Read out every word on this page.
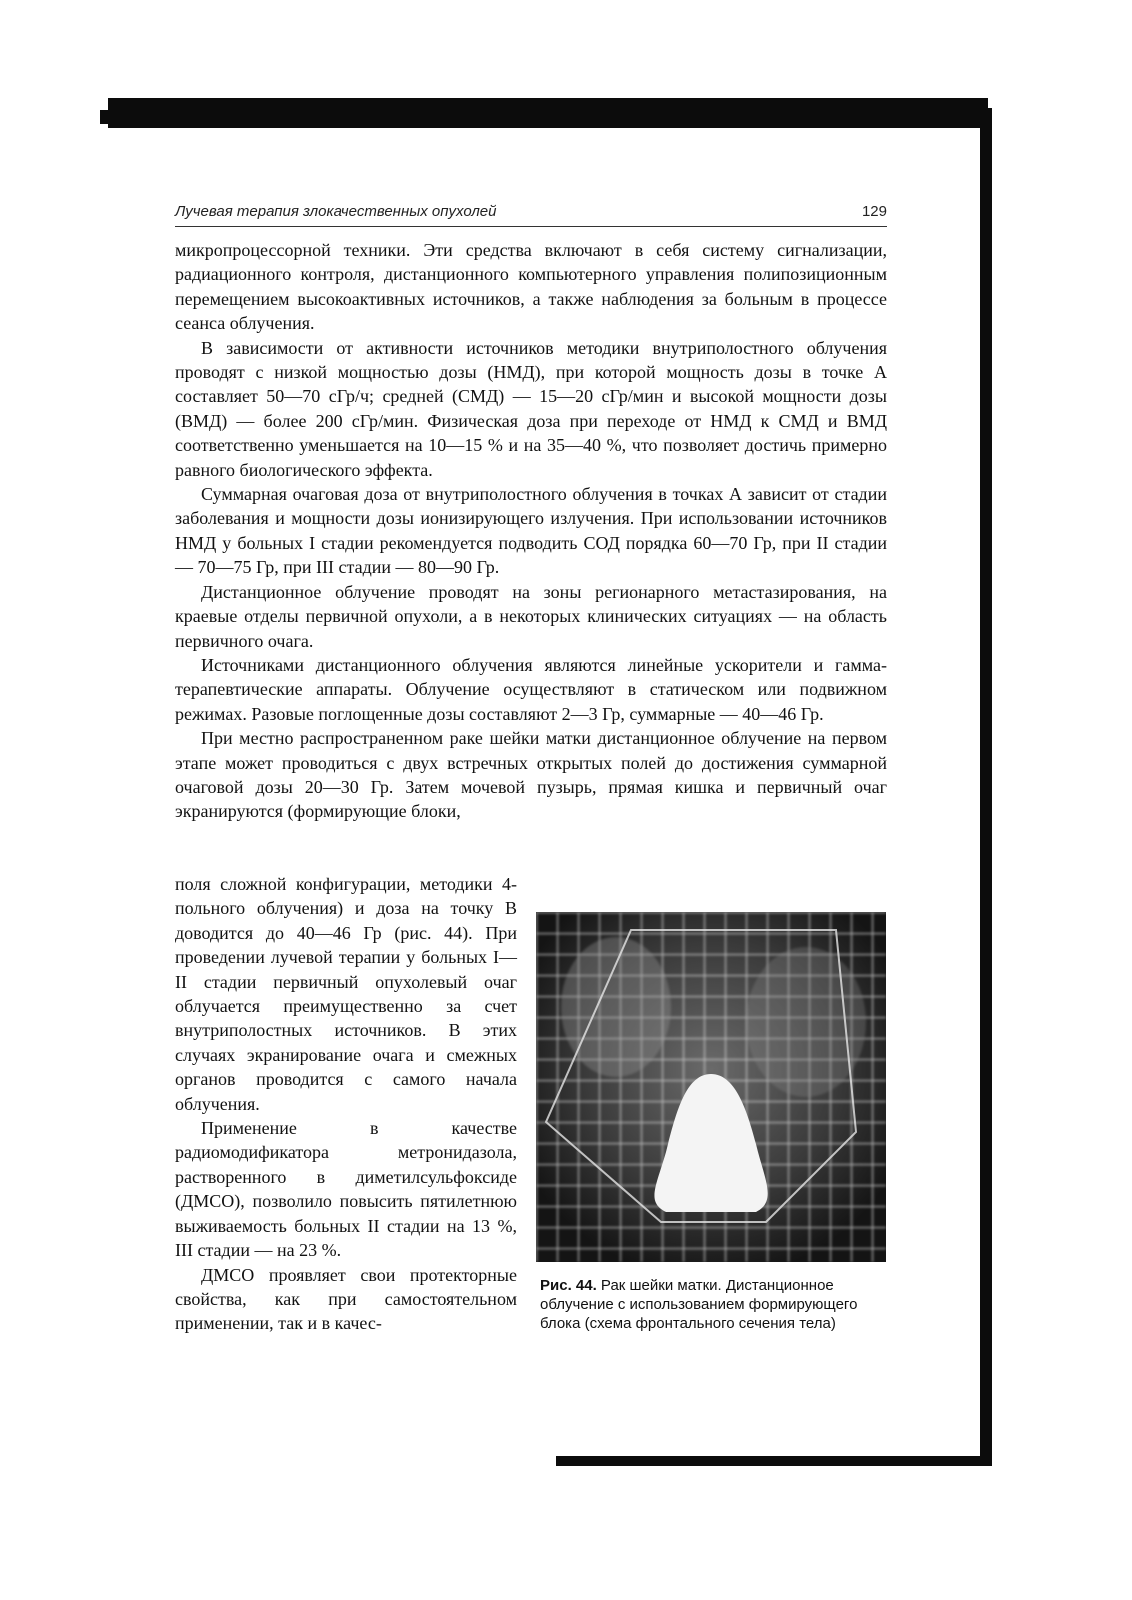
Лучевая терапия злокачественных опухолей	129

микропроцессорной техники. Эти средства включают в себя систему сигнализации, радиационного контроля, дистанционного компьютерного управления полипозиционным перемещением высокоактивных источников, а также наблюдения за больным в процессе сеанса облучения.

В зависимости от активности источников методики внутриполостного облучения проводят с низкой мощностью дозы (НМД), при которой мощность дозы в точке А составляет 50—70 сГр/ч; средней (СМД) — 15—20 сГр/мин и высокой мощности дозы (ВМД) — более 200 сГр/мин. Физическая доза при переходе от НМД к СМД и ВМД соответственно уменьшается на 10—15 % и на 35—40 %, что позволяет достичь примерно равного биологического эффекта.

Суммарная очаговая доза от внутриполостного облучения в точках А зависит от стадии заболевания и мощности дозы ионизирующего излучения. При использовании источников НМД у больных I стадии рекомендуется подводить СОД порядка 60—70 Гр, при II стадии — 70—75 Гр, при III стадии — 80—90 Гр.

Дистанционное облучение проводят на зоны регионарного метастазирования, на краевые отделы первичной опухоли, а в некоторых клинических ситуациях — на область первичного очага.

Источниками дистанционного облучения являются линейные ускорители и гамма-терапевтические аппараты. Облучение осуществляют в статическом или подвижном режимах. Разовые поглощенные дозы составляют 2—3 Гр, суммарные — 40—46 Гр.

При местно распространенном раке шейки матки дистанционное облучение на первом этапе может проводиться с двух встречных открытых полей до достижения суммарной очаговой дозы 20—30 Гр. Затем мочевой пузырь, прямая кишка и первичный очаг экранируются (формирующие блоки,

поля сложной конфигурации, методики 4-польного облучения) и доза на точку В доводится до 40—46 Гр (рис. 44). При проведении лучевой терапии у больных I—II стадии первичный опухолевый очаг облучается преимущественно за счет внутриполостных источников. В этих случаях экранирование очага и смежных органов проводится с самого начала облучения.

Применение в качестве радиомодификатора метронидазола, растворенного в диметилсульфоксиде (ДМСО), позволило повысить пятилетнюю выживаемость больных II стадии на 13 %, III стадии — на 23 %.

ДМСО проявляет свои протекторные свойства, как при самостоятельном применении, так и в качес-

Рис. 44. Рак шейки матки. Дистанционное облучение с использованием формирующего блока (схема фронтального сечения тела)
